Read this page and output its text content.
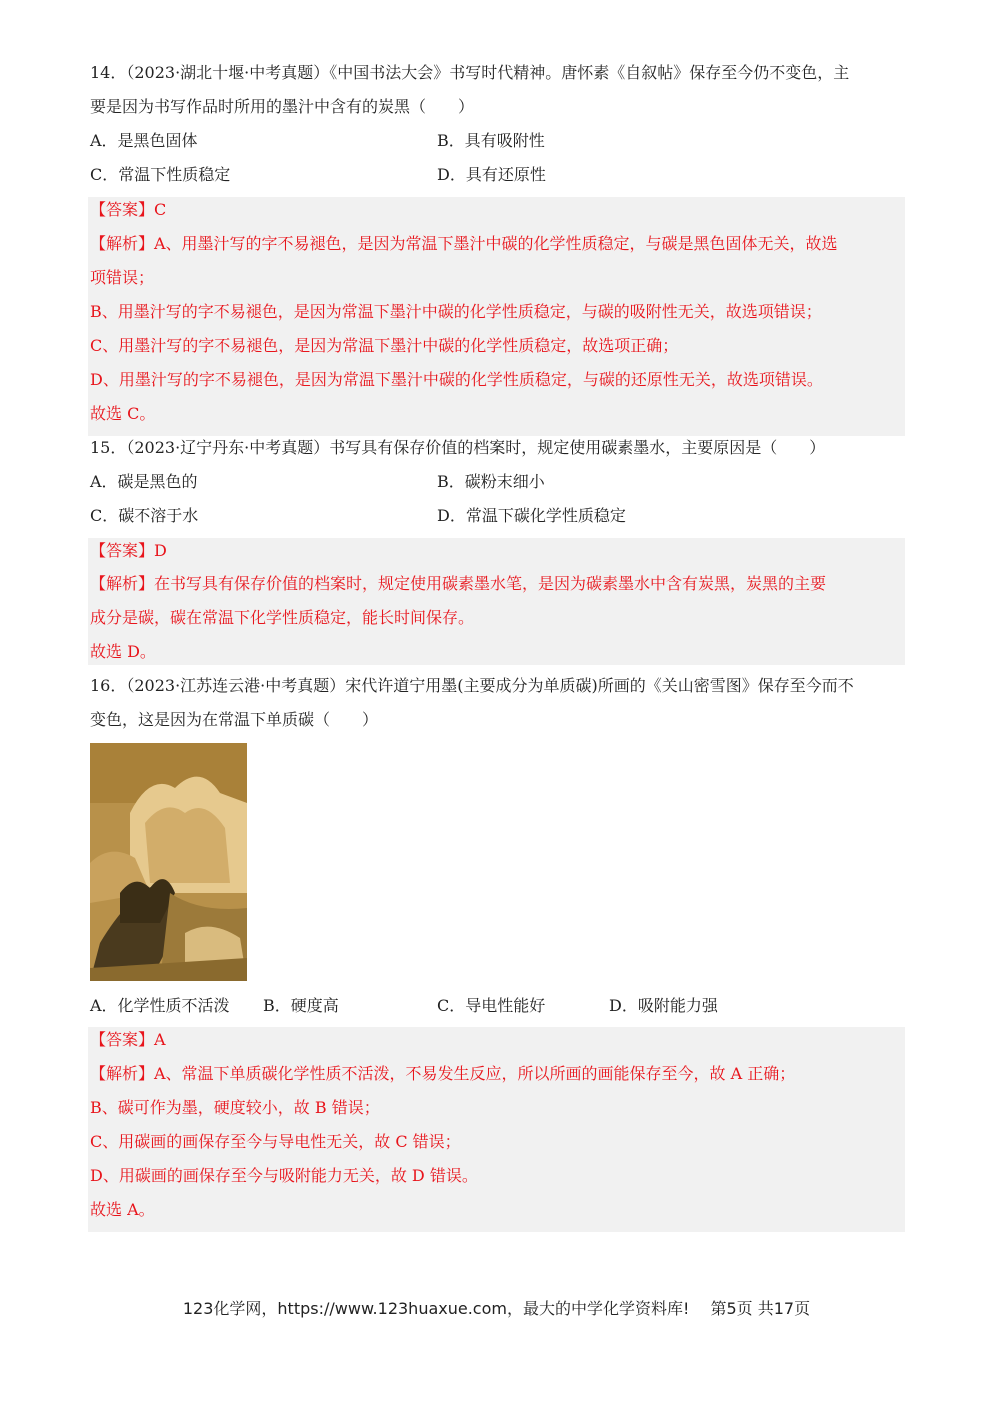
14．（2023·湖北十堰·中考真题）《中国书法大会》书写时代精神。唐怀素《自叙帖》保存至今仍不变色，主
要是因为书写作品时所用的墨汁中含有的炭黑（　　）
A．是黑色固体	B．具有吸附性
C．常温下性质稳定	D．具有还原性
【答案】C
【解析】A、用墨汁写的字不易褪色，是因为常温下墨汁中碳的化学性质稳定，与碳是黑色固体无关，故选
项错误；
B、用墨汁写的字不易褪色，是因为常温下墨汁中碳的化学性质稳定，与碳的吸附性无关，故选项错误；
C、用墨汁写的字不易褪色，是因为常温下墨汁中碳的化学性质稳定，故选项正确；
D、用墨汁写的字不易褪色，是因为常温下墨汁中碳的化学性质稳定，与碳的还原性无关，故选项错误。
故选 C。
15．（2023·辽宁丹东·中考真题）书写具有保存价值的档案时，规定使用碳素墨水，主要原因是（　　）
A．碳是黑色的	B．碳粉末细小
C．碳不溶于水	D．常温下碳化学性质稳定
【答案】D
【解析】在书写具有保存价值的档案时，规定使用碳素墨水笔，是因为碳素墨水中含有炭黑，炭黑的主要
成分是碳，碳在常温下化学性质稳定，能长时间保存。
故选 D。
16．（2023·江苏连云港·中考真题）宋代许道宁用墨(主要成分为单质碳)所画的《关山密雪图》保存至今而不
变色，这是因为在常温下单质碳（　　）
A．化学性质不活泼 B．硬度高	C．导电性能好	D．吸附能力强
【答案】A
【解析】A、常温下单质碳化学性质不活泼，不易发生反应，所以所画的画能保存至今，故 A 正确；
B、碳可作为墨，硬度较小，故 B 错误；
C、用碳画的画保存至今与导电性无关，故 C 错误；
D、用碳画的画保存至今与吸附能力无关，故 D 错误。
故选 A。
123化学网，https://www.123huaxue.com，最大的中学化学资料库!　 第5页 共17页
